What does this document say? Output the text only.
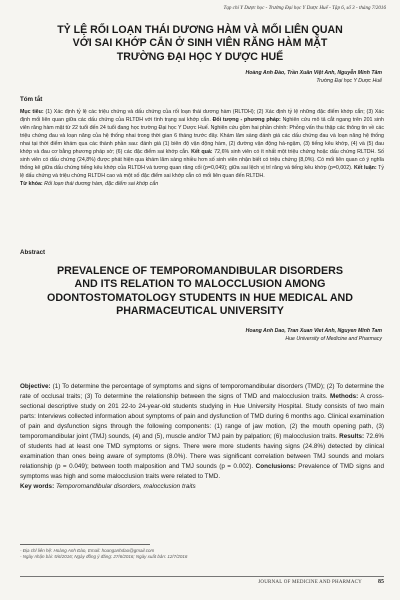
Tạp chí Y Dược học - Trường Đại học Y Dược Huế - Tập 6, số 3 - tháng 7/2016
TỶ LỆ RỐI LOẠN THÁI DƯƠNG HÀM VÀ MỐI LIÊN QUAN
VỚI SAI KHỚP CẮN Ở SINH VIÊN RĂNG HÀM MẶT
TRƯỜNG ĐẠI HỌC Y DƯỢC HUẾ
Hoàng Anh Đào, Trần Xuân Việt Anh, Nguyễn Minh Tâm
Trường Đại học Y Dược Huế
Tóm tắt
Mục tiêu: (1) Xác định tỷ lệ các triệu chứng và dấu chứng của rối loạn thái dương hàm (RLTDH); (2) Xác định tỷ lệ những đặc điểm khớp cắn; (3) Xác định mối liên quan giữa các dấu chứng của RLTDH với tình trạng sai khớp cắn. Đối tượng - phương pháp: Nghiên cứu mô tả cắt ngang trên 201 sinh viên răng hàm mặt từ 22 tuổi đến 24 tuổi đang học trường Đại học Y Dược Huế. Nghiên cứu gồm hai phần chính: Phỏng vấn thu thập các thông tin về các triệu chứng đau và loạn năng của hệ thống nhai trong thời gian 6 tháng trước đây. Khám lâm sàng đánh giá các dấu chứng đau và loạn năng hệ thống nhai tại thời điểm khám qua các thành phần sau: đánh giá (1) biên độ vận động hàm, (2) đường vận động há-ngậm, (3) tiếng kêu khớp, (4) và (5) đau khớp và đau cơ bằng phương pháp sờ; (6) các đặc điểm sai khớp cắn. Kết quả: 72,6% sinh viên có ít nhất một triệu chứng hoặc dấu chứng RLTDH. Số sinh viên có dấu chứng (24,8%) được phát hiện qua khám lâm sàng nhiều hơn số sinh viên nhận biết có triệu chứng (8,0%). Có mối liên quan có ý nghĩa thống kê giữa dấu chứng tiếng kêu khớp của RLTDH và tương quan răng cối (p=0,049); giữa sai lệch vị trí răng và tiếng kêu khớp (p=0,002). Kết luận: Tỷ lệ dấu chứng và triệu chứng RLTDH cao và một số đặc điểm sai khớp cắn có mối liên quan đến RLTDH.
Từ khóa: Rối loạn thái dương hàm, đặc điểm sai khớp cắn
Abstract
PREVALENCE OF TEMPOROMANDIBULAR DISORDERS
AND ITS RELATION TO MALOCCLUSION AMONG
ODONTOSTOMATOLOGY STUDENTS IN HUE MEDICAL AND
PHARMACEUTICAL UNIVERSITY
Hoang Anh Dao, Tran Xuan Viet Anh, Nguyen Minh Tam
Hue University of Medicine and Pharmacy
Objective: (1) To determine the percentage of symptoms and signs of temporomandibular disorders (TMD); (2) To determine the rate of occlusal traits; (3) To determine the relationship between the signs of TMD and malocclusion traits. Methods: A cross-sectional descriptive study on 201 22-to 24-year-old students studying in Hue University Hospital. Study consists of two main parts: Interviews collected information about symptoms of pain and dysfunction of TMD during 6 months ago. Clinical examination of pain and dysfunction signs through the following components: (1) range of jaw motion, (2) the mouth opening path, (3) temporomandibular joint (TMJ) sounds, (4) and (5), muscle and/or TMJ pain by palpation; (6) malocclusion traits. Results: 72.6% of students had at least one TMD symptoms or signs. There were more students having signs (24.8%) detected by clinical examination than ones being aware of symptoms (8.0%). There was significant correlation between TMJ sounds and molars relationship (p = 0.049); between tooth malposition and TMJ sounds (p = 0.002). Conclusions: Prevalence of TMD signs and symptoms was high and some malocclusion traits were related to TMD.
Key words: Temporomandibular disorders, malocclusion traits
- Địa chỉ liên hệ: Hoàng Anh Đào, Email: hoanganhdao@gmail.com
- Ngày nhận bài: 5/6/2016; Ngày đồng ý đăng: 27/6/2016; Ngày xuất bản: 12/7/2016
JOURNAL OF MEDICINE AND PHARMACY	85
